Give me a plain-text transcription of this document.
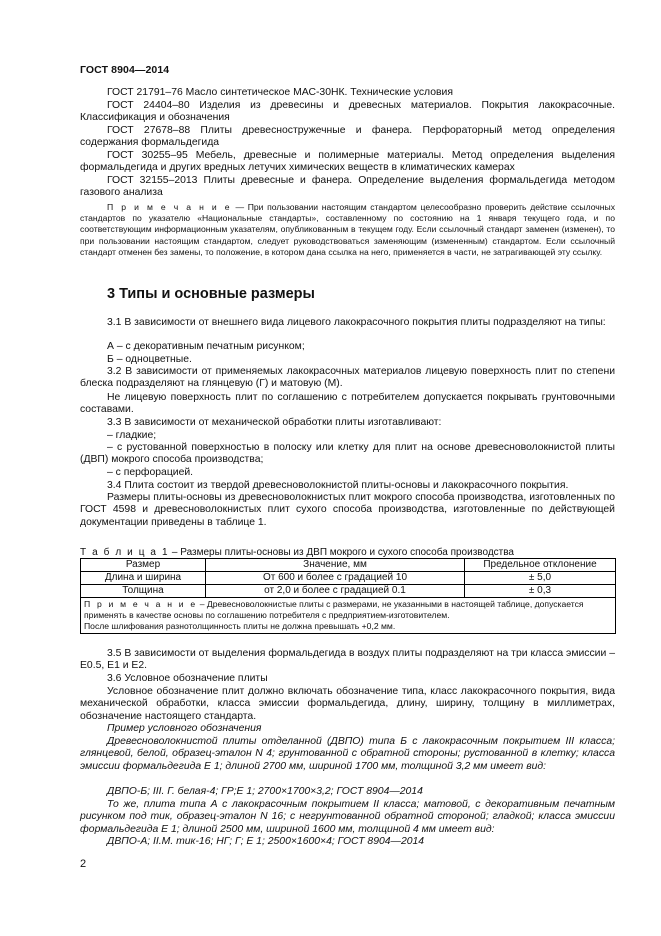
ГОСТ 8904—2014

ГОСТ 21791–76 Масло синтетическое МАС-30НК. Технические условия

ГОСТ 24404–80 Изделия из древесины и древесных материалов. Покрытия лакокрасочные. Классификация и обозначения

ГОСТ 27678–88 Плиты древесностружечные и фанера. Перфораторный метод определения содержания формальдегида

ГОСТ 30255–95 Мебель, древесные и полимерные материалы. Метод определения выделения формальдегида и других вредных летучих химических веществ в климатических камерах

ГОСТ 32155–2013 Плиты древесные и фанера. Определение выделения формальдегида методом газового анализа

П р и м е ч а н и е — При пользовании настоящим стандартом целесообразно проверить действие ссылочных стандартов по указателю «Национальные стандарты», составленному по состоянию на 1 января текущего года, и по соответствующим информационным указателям, опубликованным в текущем году. Если ссылочный стандарт заменен (изменен), то при пользовании настоящим стандартом, следует руководствоваться заменяющим (измененным) стандартом. Если ссылочный стандарт отменен без замены, то положение, в котором дана ссылка на него, применяется в части, не затрагивающей эту ссылку.

3 Типы и основные размеры

3.1 В зависимости от внешнего вида лицевого лакокрасочного покрытия плиты подразделяют на типы:

А – с декоративным печатным рисунком;

Б – одноцветные.

3.2 В зависимости от применяемых лакокрасочных материалов лицевую поверхность плит по степени блеска подразделяют на глянцевую (Г) и матовую (М).

Не лицевую поверхность плит по соглашению с потребителем допускается покрывать грунтовочными составами.

3.3 В зависимости от механической обработки плиты изготавливают:

– гладкие;

– с рустованной поверхностью в полоску или клетку для плит на основе древесноволокнистой плиты (ДВП) мокрого способа производства;

– с перфорацией.

3.4 Плита состоит из твердой древесноволокнистой плиты-основы и лакокрасочного покрытия.

Размеры плиты-основы из древесноволокнистых плит мокрого способа производства, изготовленных по ГОСТ 4598 и древесноволокнистых плит сухого способа производства, изготовленные по действующей документации приведены в таблице 1.

Т а б л и ц а 1 – Размеры плиты-основы из ДВП мокрого и сухого способа производства
Размер	Значение, мм	Предельное отклонение
Длина и ширина	От 600 и более с градацией 10	± 5,0
Толщина	от 2,0 и более с градацией 0.1	± 0,3
П р и м е ч а н и е – Древесноволокнистые плиты с размерами, не указанными в настоящей таблице, допускается применять в качестве основы по соглашению потребителя с предприятием-изготовителем.
После шлифования разнотолщинность плиты не должна превышать +0,2 мм.		

3.5 В зависимости от выделения формальдегида в воздух плиты подразделяют на три класса эмиссии – Е0.5, Е1 и Е2.

3.6 Условное обозначение плиты

Условное обозначение плит должно включать обозначение типа, класс лакокрасочного покрытия, вида механической обработки, класса эмиссии формальдегида, длину, ширину, толщину в миллиметрах, обозначение настоящего стандарта.

Пример условного обозначения

Древесноволокнистой плиты отделанной (ДВПО) типа Б с лакокрасочным покрытием III класса; глянцевой, белой, образец-эталон N 4; грунтованной с обратной стороны; рустованной в клетку; класса эмиссии формальдегида Е 1; длиной 2700 мм, шириной 1700 мм, толщиной 3,2 мм имеет вид:

ДВПО-Б; III. Г. белая-4; ГР;Е 1; 2700×1700×3,2; ГОСТ 8904—2014

То же, плита типа А с лакокрасочным покрытием II класса; матовой, с декоративным печатным рисунком под тик, образец-эталон N 16; с негрунтованной обратной стороной; гладкой; класса эмиссии формальдегида Е 1; длиной 2500 мм, шириной 1600 мм, толщиной 4 мм имеет вид:

ДВПО-А; II.М. тик-16; НГ; Г; Е 1; 2500×1600×4; ГОСТ 8904—2014

2
